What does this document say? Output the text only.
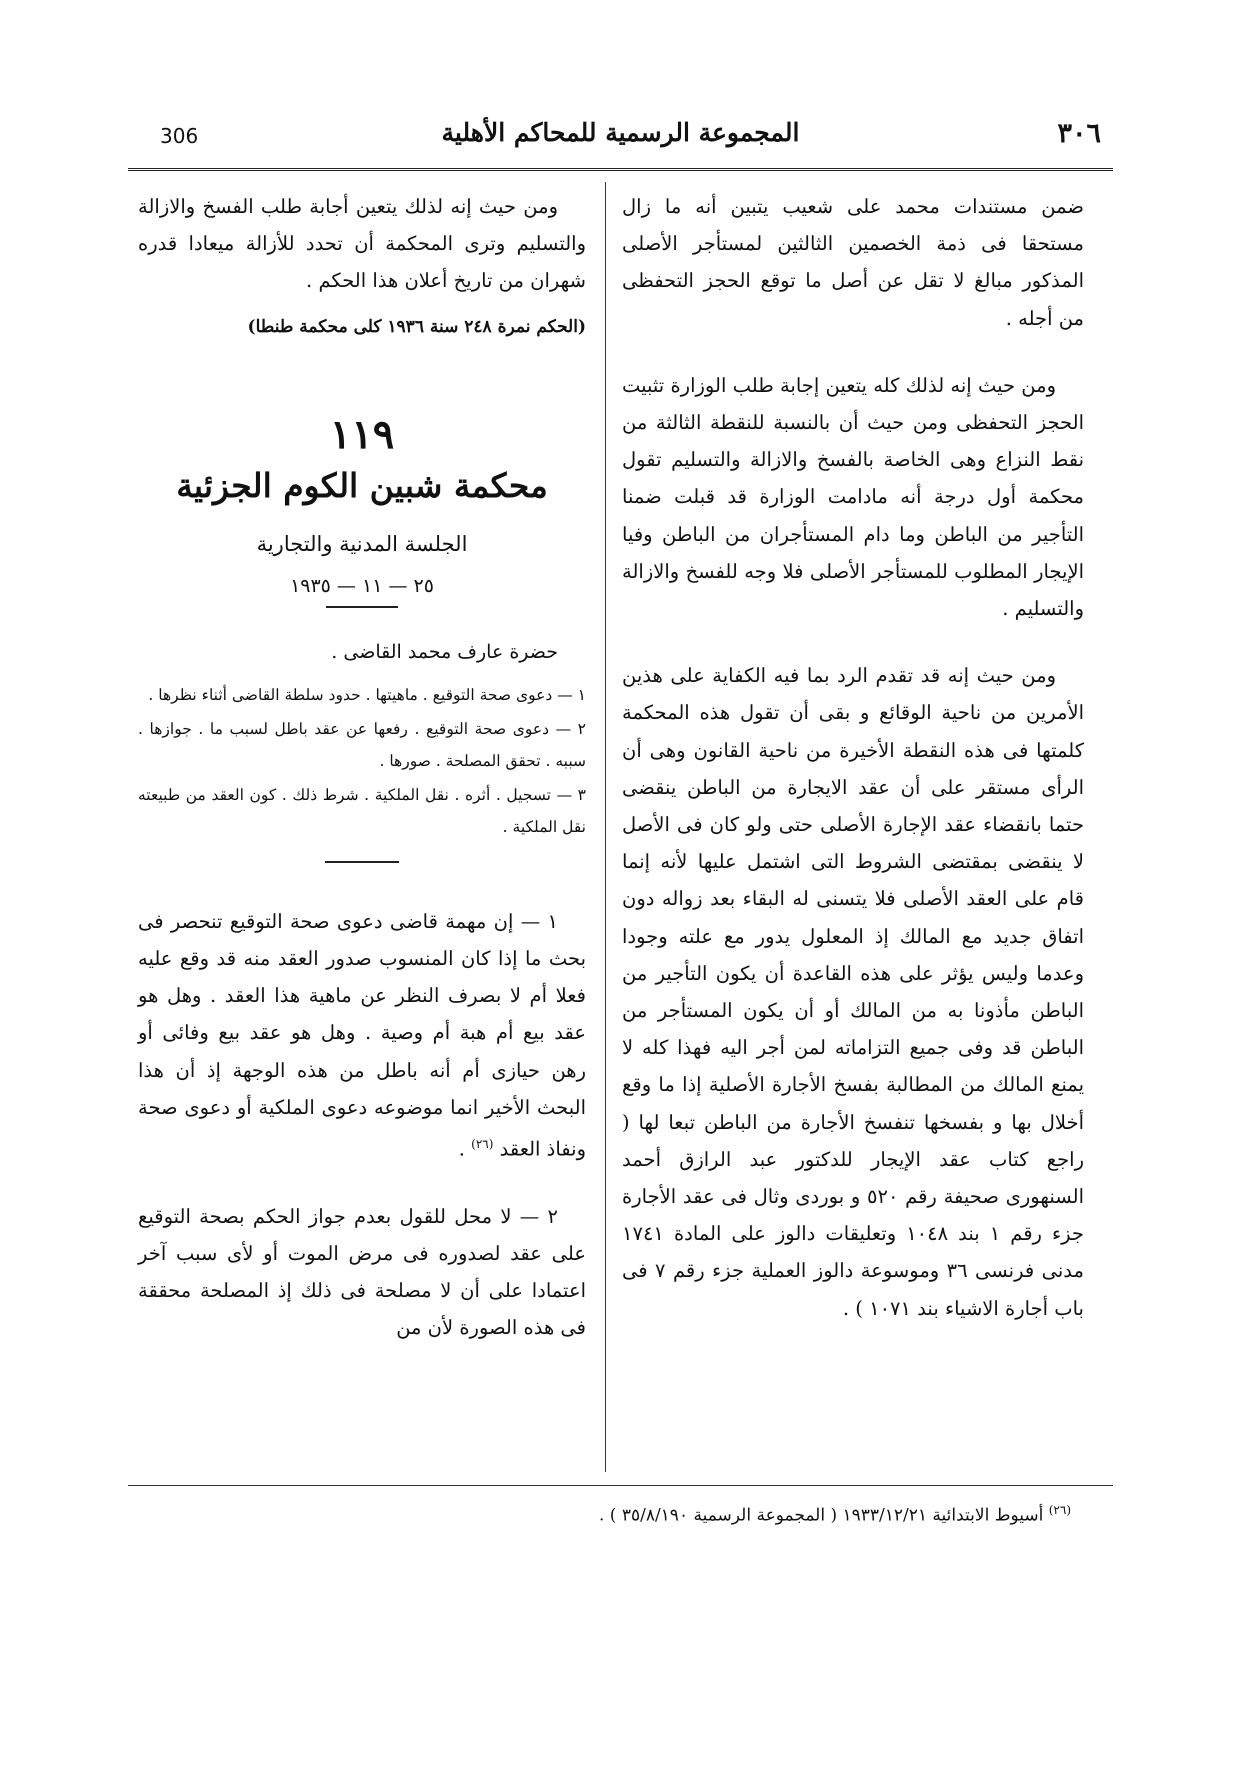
306	المجموعة الرسمية للمحاكم الأهلية	٣٠٦

ضمن مستندات محمد على شعيب يتبين أنه ما زال مستحقا فى ذمة الخصمين الثالثين لمستأجر الأصلى المذكور مبالغ لا تقل عن أصل ما توقع الحجز التحفظى من أجله .

ومن حيث إنه لذلك كله يتعين إجابة طلب الوزارة تثبيت الحجز التحفظى ومن حيث أن بالنسبة للنقطة الثالثة من نقط النزاع وهى الخاصة بالفسخ والازالة والتسليم تقول محكمة أول درجة أنه مادامت الوزارة قد قبلت ضمنا التأجير من الباطن وما دام المستأجران من الباطن وفيا الإيجار المطلوب للمستأجر الأصلى فلا وجه للفسخ والازالة والتسليم .

ومن حيث إنه قد تقدم الرد بما فيه الكفاية على هذين الأمرين من ناحية الوقائع و بقى أن تقول هذه المحكمة كلمتها فى هذه النقطة الأخيرة من ناحية القانون وهى أن الرأى مستقر على أن عقد الايجارة من الباطن ينقضى حتما بانقضاء عقد الإجارة الأصلى حتى ولو كان فى الأصل لا ينقضى بمقتضى الشروط التى اشتمل عليها لأنه إنما قام على العقد الأصلى فلا يتسنى له البقاء بعد زواله دون اتفاق جديد مع المالك إذ المعلول يدور مع علته وجودا وعدما وليس يؤثر على هذه القاعدة أن يكون التأجير من الباطن مأذونا به من المالك أو أن يكون المستأجر من الباطن قد وفى جميع التزاماته لمن أجر اليه فهذا كله لا يمنع المالك من المطالبة بفسخ الأجارة الأصلية إذا ما وقع أخلال بها و بفسخها تنفسخ الأجارة من الباطن تبعا لها ( راجع كتاب عقد الإيجار للدكتور عبد الرازق أحمد السنهورى صحيفة رقم ٥٢٠ و بوردى وثال فى عقد الأجارة جزء رقم ١ بند ١٠٤٨ وتعليقات دالوز على المادة ١٧٤١ مدنى فرنسى ٣٦ وموسوعة دالوز العملية جزء رقم ٧ فى باب أجارة الاشياء بند ١٠٧١ ) .

ومن حيث إنه لذلك يتعين أجابة طلب الفسخ والازالة والتسليم وترى المحكمة أن تحدد للأزالة ميعادا قدره شهران من تاريخ أعلان هذا الحكم .

(الحكم نمرة ٢٤٨ سنة ١٩٣٦ كلى محكمة طنطا)

١١٩
محكمة شبين الكوم الجزئية
الجلسة المدنية والتجارية
٢٥ — ١١ — ١٩٣٥

حضرة عارف محمد القاضى .

١ — دعوى صحة التوقيع . ماهيتها . حدود سلطة القاضى أثناء نظرها .

٢ — دعوى صحة التوقيع . رفعها عن عقد باطل لسبب ما . جوازها . سببه . تحقق المصلحة . صورها .

٣ — تسجيل . أثره . نقل الملكية . شرط ذلك . كون العقد من طبيعته نقل الملكية .

١ — إن مهمة قاضى دعوى صحة التوقيع تنحصر فى بحث ما إذا كان المنسوب صدور العقد منه قد وقع عليه فعلا أم لا بصرف النظر عن ماهية هذا العقد . وهل هو عقد بيع أم هبة أم وصية . وهل هو عقد بيع وفائى أو رهن حيازى أم أنه باطل من هذه الوجهة إذ أن هذا البحث الأخير انما موضوعه دعوى الملكية أو دعوى صحة ونفاذ العقد $^{(٢٦)}$ .

٢ — لا محل للقول بعدم جواز الحكم بصحة التوقيع على عقد لصدوره فى مرض الموت أو لأى سبب آخر اعتمادا على أن لا مصلحة فى ذلك إذ المصلحة محققة فى هذه الصورة لأن من

$^{(٢٦)}$ أسيوط الابتدائية ١٩٣٣/١٢/٢١ ( المجموعة الرسمية ٣٥/٨/١٩٠ ) .
